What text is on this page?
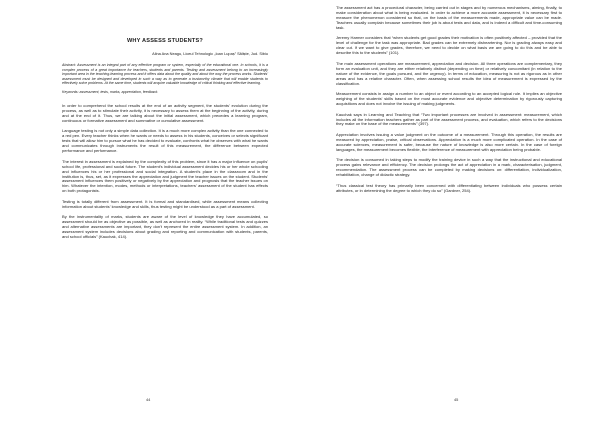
WHY ASSESS STUDENTS?
Alina Ana Neagu, Liceul Tehnologic „Ioan Lupaș” Săliște, Jud. Sibiu
Abstract: Assessment is an integral part of any effective program or system, especially of the educational one. In schools, it is a complex process of a great importance for teachers, students and parents. Testing and assessment belong to an increasingly important area in the teaching-learning process and it offers data about the quality and about the way the process works. Students' assessment must be designed and developed in such a way as to generate a trustworthy climate that will enable students to effectively solve problems. At the same time, students will acquire valuable knowledge of critical thinking and effective learning.
Keywords: assessment, tests, marks, appreciation, feedback.

In order to comprehend the school results at the end of an activity segment, the students' evolution during the process, as well as to stimulate their activity, it is necessary to assess them at the beginning of the activity, during and at the end of it. Thus, we are talking about the initial assessment, which precedes a learning program, continuous or formative assessment and summative or cumulative assessment.

Language testing is not only a simple data collection. It is a much more complex activity than the one connected to a red pen. Every teacher thinks when he wants or needs to assess in his students, conceives or selects significant tests that will allow him to pursue what he has decided to evaluate, confronts what he observes with what he wants and communicates through instruments the result of this measurement, the difference between expected performance and performance.

The interest in assessment is explained by the complexity of this problem, since it has a major influence on pupils' school life, professional and social future. The student's individual assessment decides his or her whole schooling and influences his or her professional and social integration. A student's place in the classroom and in the institution is, thus, set, as it expresses the appreciation and judgment the teacher issues on the student. Students' assessment influences them positively or negatively by the appreciation and prognosis that the teacher issues on him. Whatever the intention, modes, methods or interpretations, teachers' assessment of the student has effects on both protagonists.

Testing is totally different from assessment. It is formal and standardised, while assessment means collecting information about students' knowledge and skills, thus testing might be understood as a part of assessment.

By the instrumentality of marks, students are aware of the level of knowledge they have accumulated, so assessment should be as objective as possible, as well as anchored in reality. “While traditional tests and quizzes and alternative assessments are important, they don't represent the entire assessment system. In addition, an assessment system includes decisions about grading and reporting and communication with students, parents, and school officials” (Kauchak, 414).

44

The assessment act has a procedural character, being carried out in stages and by numerous mechanisms, aiming, finally, to make consideration about what is being evaluated. In order to achieve a more accurate assessment, it is necessary first to measure the phenomenon considered so that, on the basis of the measurements made, appropriate value can be made. Teachers usually complain because sometimes their job is about tests and data, and is indeed a difficult and time-consuming task.

Jeremy Harmer considers that “when students get good grades their motivation is often positively affected – provided that the level of challenge for the task was appropriate. Bad grades can be extremely disheartening. Nor is grading always easy and clear cut. If we want to give grades, therefore, we need to decide on what basis we are going to do this and be able to describe this to the students” (101).

The main assessment operations are measurement, appreciation and decision. All three operations are complementary, they form an evaluation unit, and they are either relatively distinct (depending on time) or relatively concomitant (in relation to the nature of the evidence, the goals pursued, and the urgency). In terms of education, measuring is not as rigorous as in other areas and has a relative character. Often, when assessing school results the idea of measurement is expressed by the classification.

Measurement consists in assign a number to an object or event according to an accepted logical rule. It implies an objective weighing of the students' skills based on the most accurate evidence and objective determination by rigorously capturing acquisitions and does not involve the issuing of making judgments.

Kauchak says in Learning and Teaching that “Two important processes are involved in assessment: measurement, which includes all the information teachers gather as part of the assessment process, and evaluation, which refers to the decisions they make on the base of the measurements” (397).

Appreciation involves issuing a value judgment on the outcome of a measurement. Through this operation, the results are measured by appreciation, praise, critical observations. Appreciation is a much more complicated operation. In the case of accurate sciences, measurement is safer, because the nature of knowledge is also more certain. In the case of foreign languages, the measurement becomes flexible, the interference of measurement with appreciation being probable.

The decision is consumed in taking steps to modify the training device in such a way that the instructional and educational process gains relevance and efficiency. The decision prolongs the act of appreciation in a mark, characterisation, judgment, recommendation. The assessment process can be completed by making decisions on: differentiation, individualization, rehabilitation, change of didactic strategy.

“Thus classical test theory has primarily been concerned with differentiating between individuals who possess certain attributes, or in determining the degree to which they do so” (Gardner, 254).

45
